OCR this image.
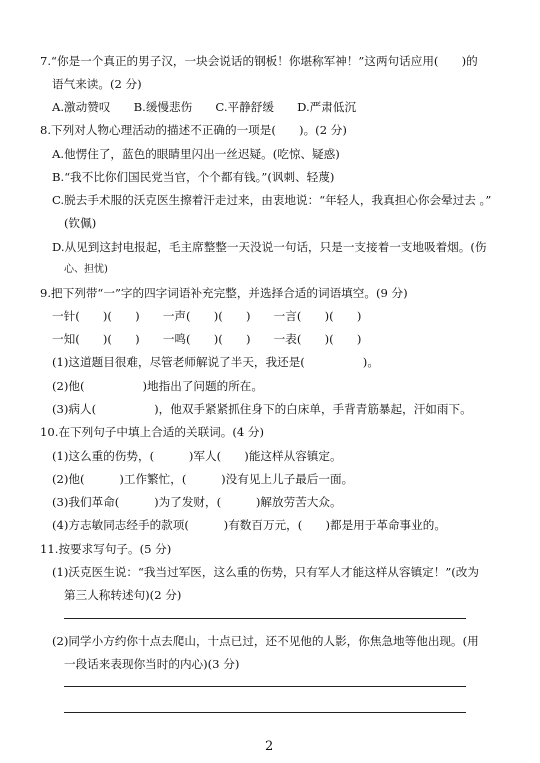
7.“你是一个真正的男子汉，一块会说话的钢板！你堪称军神！”这两句话应用(　　)的
语气来读。(2 分)
A.激动赞叹　　B.缓慢悲伤　　C.平静舒缓　　D.严肃低沉
8.下列对人物心理活动的描述不正确的一项是(　　)。(2 分)
A.他愣住了，蓝色的眼睛里闪出一丝迟疑。(吃惊、疑惑)
B.“我不比你们国民党当官，个个都有钱。”(讽刺、轻蔑)
C.脱去手术服的沃克医生擦着汗走过来，由衷地说：“年轻人，我真担心你会晕过去 。”
(钦佩)
D.从见到这封电报起，毛主席整整一天没说一句话，只是一支接着一支地吸着烟。(伤
心、担忧)
9.把下列带“一”字的四字词语补充完整，并选择合适的词语填空。(9 分)
一针(　　)(　　)　　一声(　　)(　　)　　一言(　　)(　　)
一知(　　)(　　)　　一鸣(　　)(　　)　　一表(　　)(　　)
(1)这道题目很难，尽管老师解说了半天，我还是(　　　　　)。
(2)他(　　　　　)地指出了问题的所在。
(3)病人(　　　　　)，他双手紧紧抓住身下的白床单，手背青筋暴起，汗如雨下。
10.在下列句子中填上合适的关联词。(4 分)
(1)这么重的伤势，(　　　)军人(　　)能这样从容镇定。
(2)他(　　　)工作繁忙，(　　　)没有见上儿子最后一面。
(3)我们革命(　　　)为了发财，(　　　)解放劳苦大众。
(4)方志敏同志经手的款项(　　　)有数百万元，(　　)都是用于革命事业的。
11.按要求写句子。(5 分)
(1)沃克医生说：“我当过军医，这么重的伤势，只有军人才能这样从容镇定！”(改为
第三人称转述句)(2 分)
(2)同学小方约你十点去爬山，十点已过，还不见他的人影，你焦急地等他出现。(用
一段话来表现你当时的内心)(3 分)
2
